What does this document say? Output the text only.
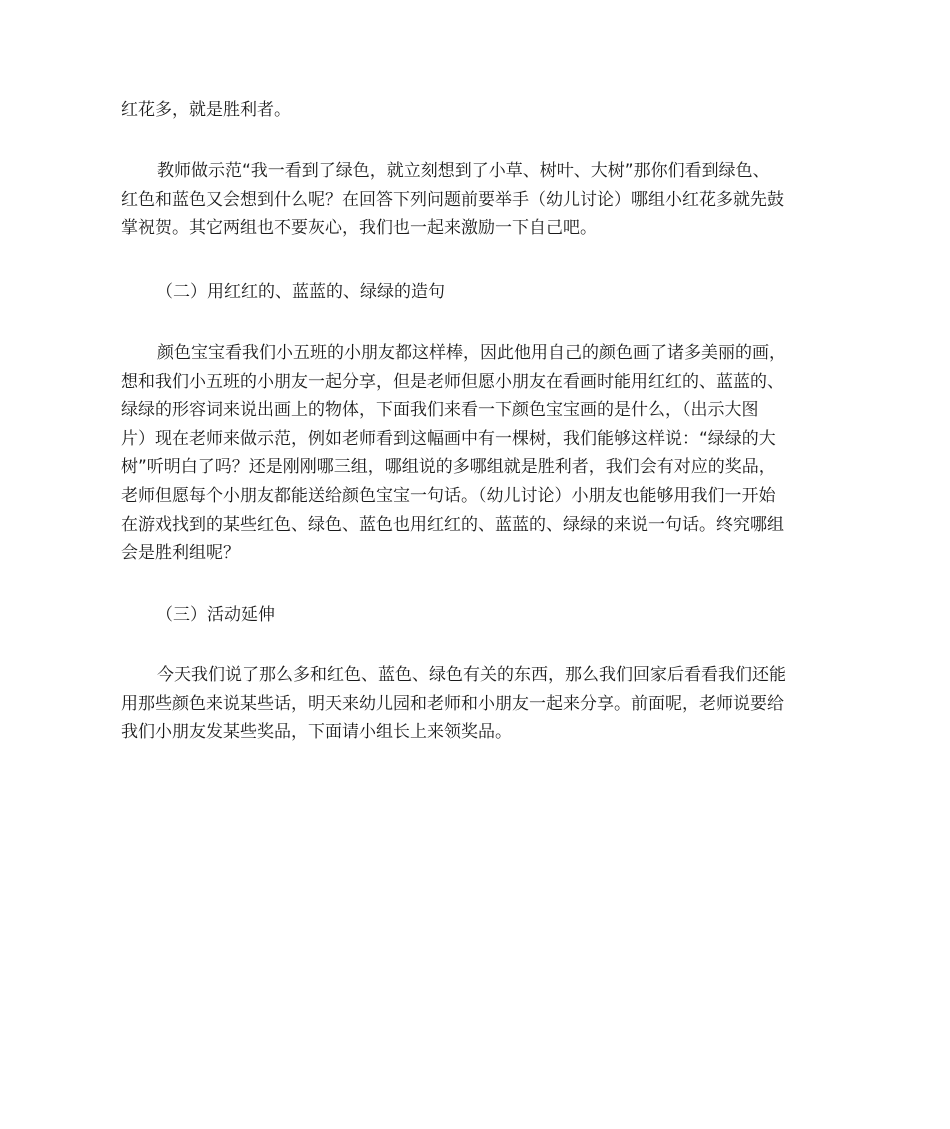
红花多，就是胜利者。

教师做示范“我一看到了绿色，就立刻想到了小草、树叶、大树”那你们看到绿色、
红色和蓝色又会想到什么呢？在回答下列问题前要举手（幼儿讨论）哪组小红花多就先鼓
掌祝贺。其它两组也不要灰心，我们也一起来激励一下自己吧。

（二）用红红的、蓝蓝的、绿绿的造句

颜色宝宝看我们小五班的小朋友都这样棒，因此他用自己的颜色画了诸多美丽的画，
想和我们小五班的小朋友一起分享，但是老师但愿小朋友在看画时能用红红的、蓝蓝的、
绿绿的形容词来说出画上的物体，下面我们来看一下颜色宝宝画的是什么，（出示大图
片）现在老师来做示范，例如老师看到这幅画中有一棵树，我们能够这样说：“绿绿的大
树”听明白了吗？还是刚刚哪三组，哪组说的多哪组就是胜利者，我们会有对应的奖品，
老师但愿每个小朋友都能送给颜色宝宝一句话。（幼儿讨论）小朋友也能够用我们一开始
在游戏找到的某些红色、绿色、蓝色也用红红的、蓝蓝的、绿绿的来说一句话。终究哪组
会是胜利组呢？

（三）活动延伸

今天我们说了那么多和红色、蓝色、绿色有关的东西，那么我们回家后看看我们还能
用那些颜色来说某些话，明天来幼儿园和老师和小朋友一起来分享。前面呢，老师说要给
我们小朋友发某些奖品，下面请小组长上来领奖品。
